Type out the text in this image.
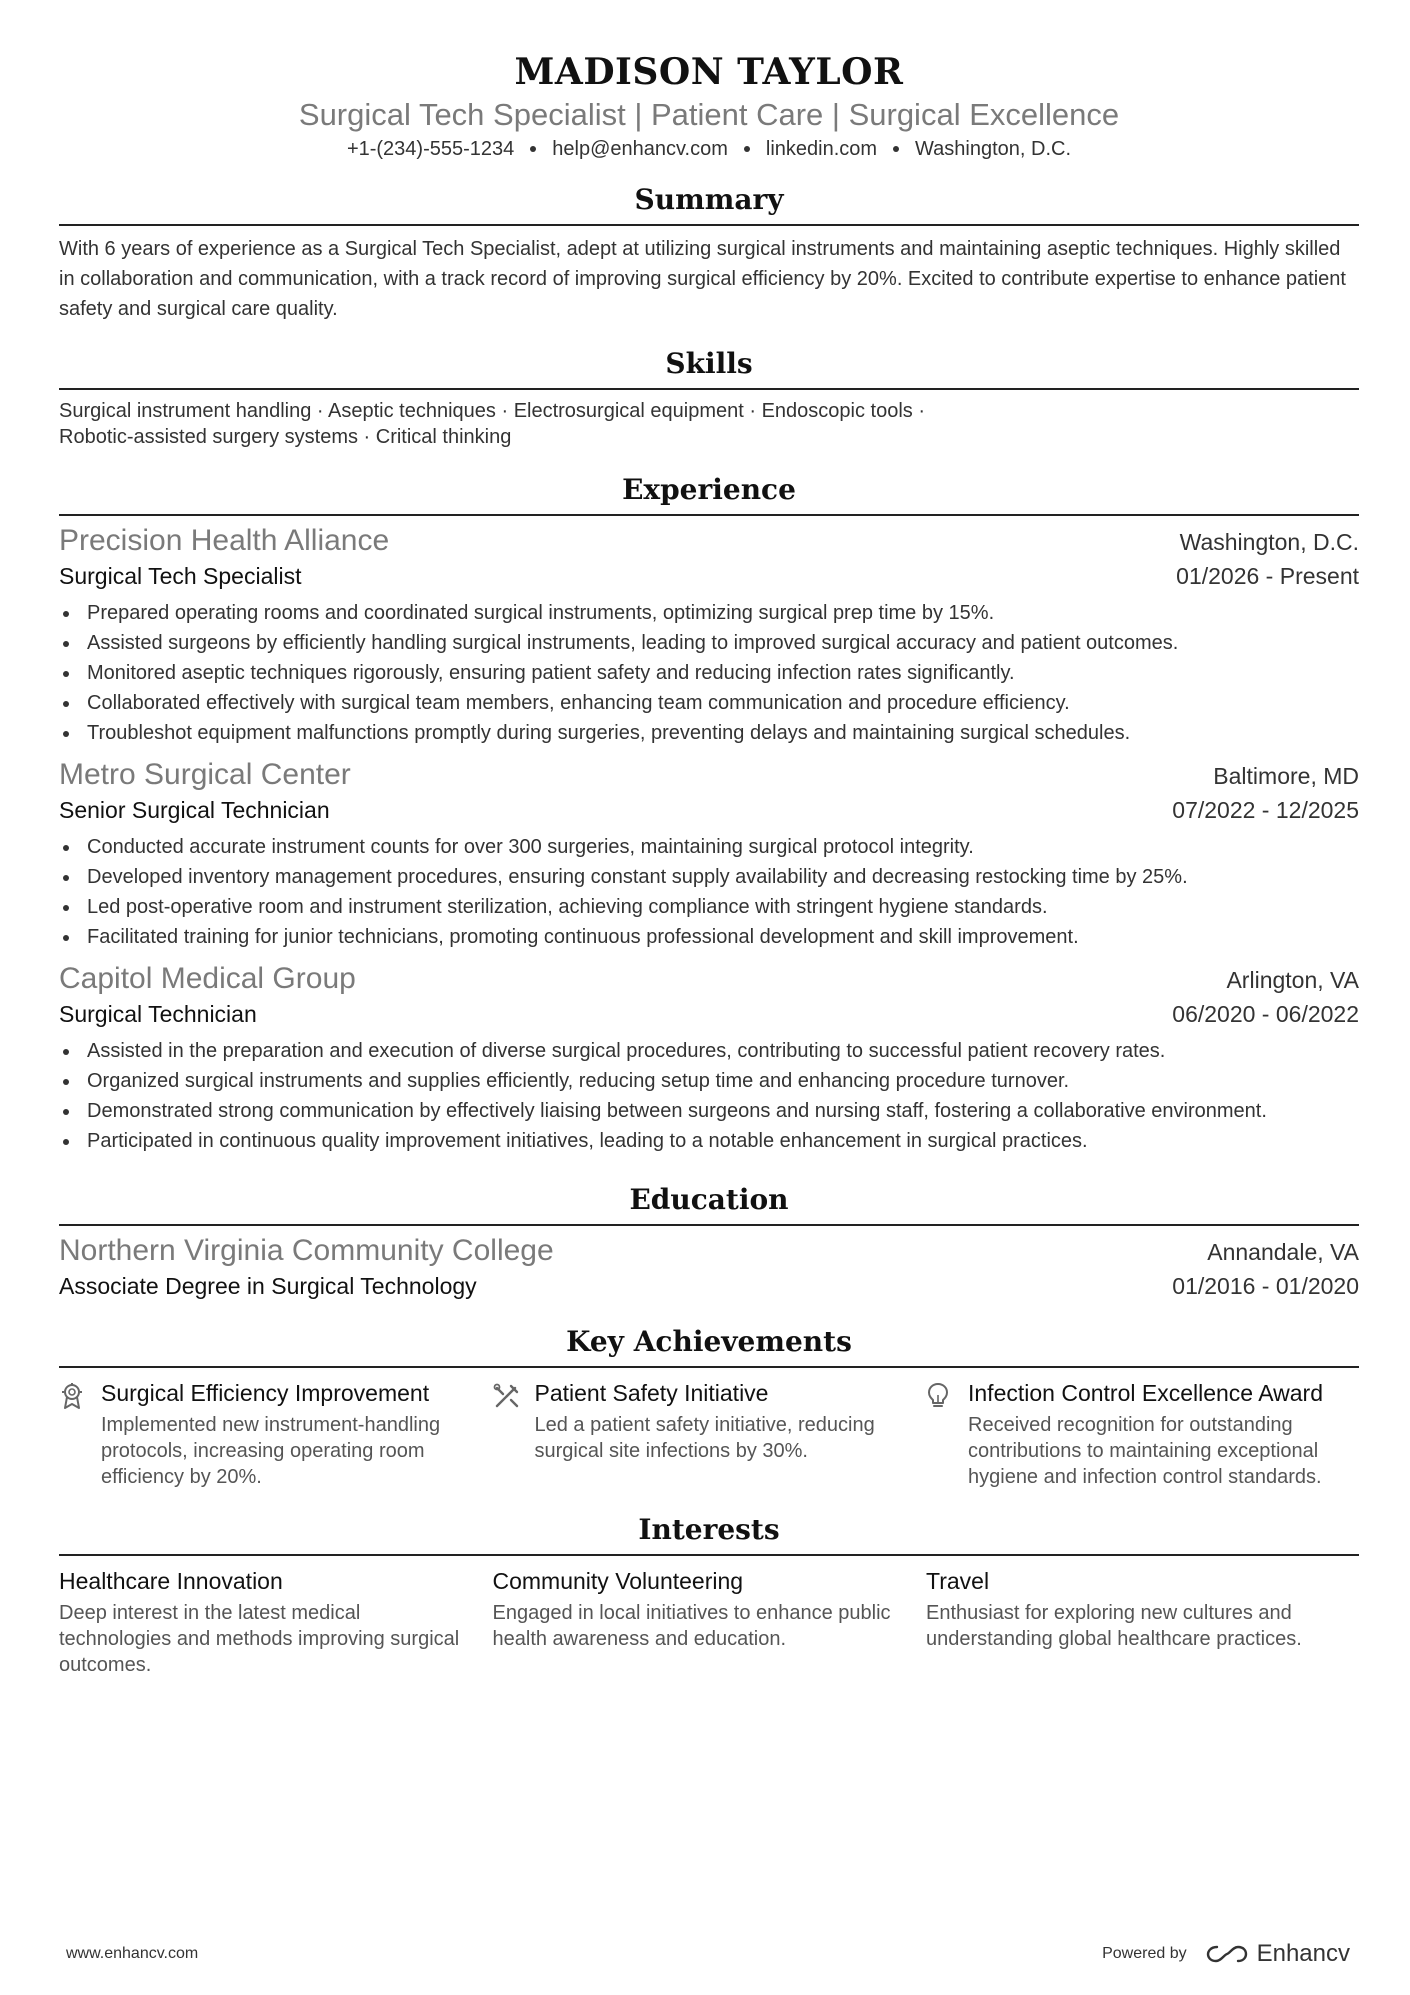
MADISON TAYLOR
Surgical Tech Specialist | Patient Care | Surgical Excellence
+1-(234)-555-1234 help@enhancv.com linkedin.com Washington, D.C.
Summary
With 6 years of experience as a Surgical Tech Specialist, adept at utilizing surgical instruments and maintaining aseptic techniques. Highly skilled in collaboration and communication, with a track record of improving surgical efficiency by 20%. Excited to contribute expertise to enhance patient safety and surgical care quality.
Skills
Surgical instrument handling · Aseptic techniques · Electrosurgical equipment · Endoscopic tools ·
Robotic-assisted surgery systems · Critical thinking
Experience
Precision Health Alliance	Washington, D.C.
Surgical Tech Specialist	01/2026 - Present
Prepared operating rooms and coordinated surgical instruments, optimizing surgical prep time by 15%.
Assisted surgeons by efficiently handling surgical instruments, leading to improved surgical accuracy and patient outcomes.
Monitored aseptic techniques rigorously, ensuring patient safety and reducing infection rates significantly.
Collaborated effectively with surgical team members, enhancing team communication and procedure efficiency.
Troubleshot equipment malfunctions promptly during surgeries, preventing delays and maintaining surgical schedules.
Metro Surgical Center	Baltimore, MD
Senior Surgical Technician	07/2022 - 12/2025
Conducted accurate instrument counts for over 300 surgeries, maintaining surgical protocol integrity.
Developed inventory management procedures, ensuring constant supply availability and decreasing restocking time by 25%.
Led post-operative room and instrument sterilization, achieving compliance with stringent hygiene standards.
Facilitated training for junior technicians, promoting continuous professional development and skill improvement.
Capitol Medical Group	Arlington, VA
Surgical Technician	06/2020 - 06/2022
Assisted in the preparation and execution of diverse surgical procedures, contributing to successful patient recovery rates.
Organized surgical instruments and supplies efficiently, reducing setup time and enhancing procedure turnover.
Demonstrated strong communication by effectively liaising between surgeons and nursing staff, fostering a collaborative environment.
Participated in continuous quality improvement initiatives, leading to a notable enhancement in surgical practices.
Education
Northern Virginia Community College	Annandale, VA
Associate Degree in Surgical Technology	01/2016 - 01/2020
Key Achievements
Surgical Efficiency Improvement
Implemented new instrument-handling protocols, increasing operating room efficiency by 20%.
Patient Safety Initiative
Led a patient safety initiative, reducing surgical site infections by 30%.
Infection Control Excellence Award
Received recognition for outstanding contributions to maintaining exceptional hygiene and infection control standards.
Interests
Healthcare Innovation
Deep interest in the latest medical technologies and methods improving surgical outcomes.
Community Volunteering
Engaged in local initiatives to enhance public health awareness and education.
Travel
Enthusiast for exploring new cultures and understanding global healthcare practices.
www.enhancv.com	Powered by	Enhancv
